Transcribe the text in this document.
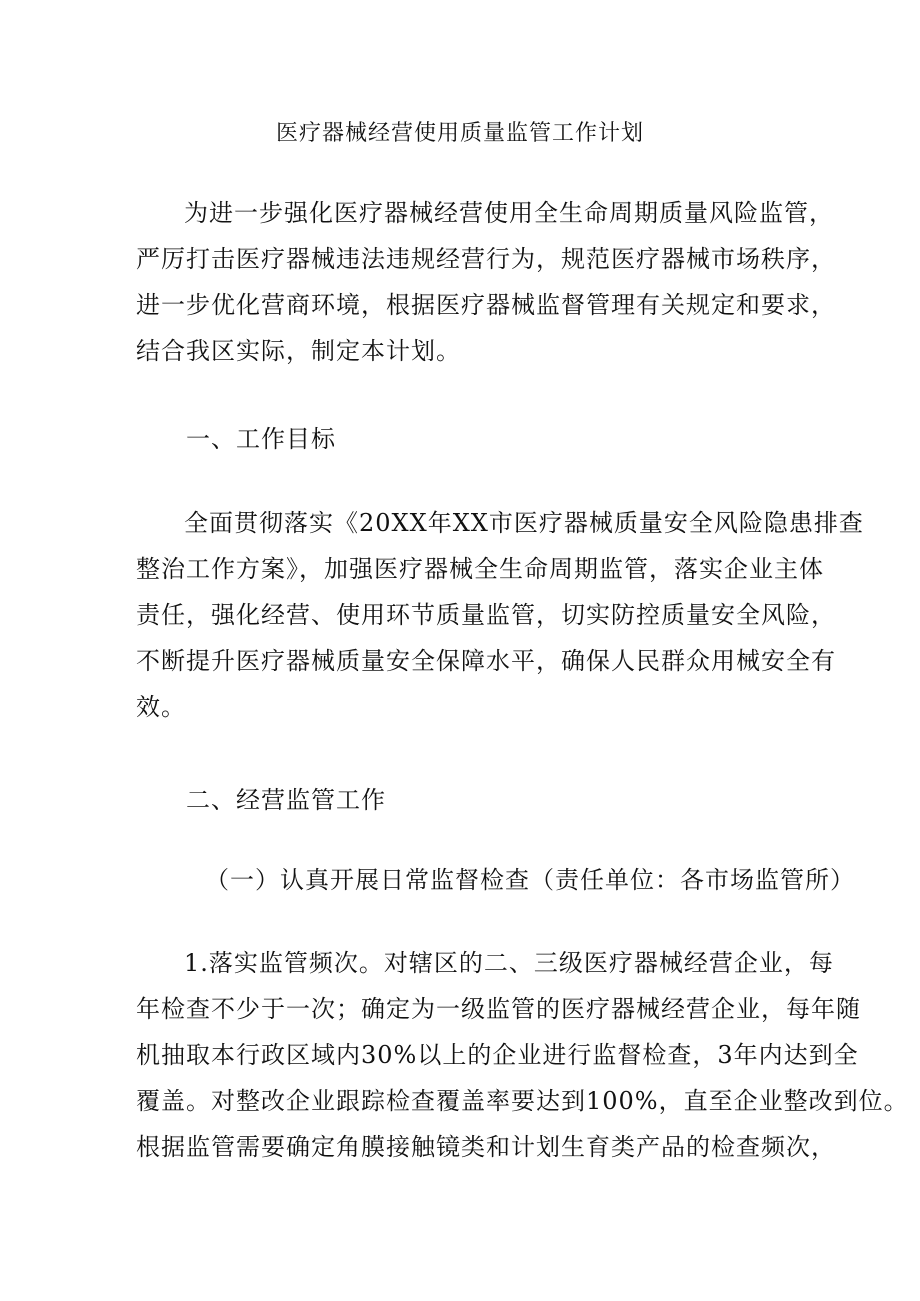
医疗器械经营使用质量监管工作计划
为进一步强化医疗器械经营使用全生命周期质量风险监管，
严厉打击医疗器械违法违规经营行为，规范医疗器械市场秩序，
进一步优化营商环境，根据医疗器械监督管理有关规定和要求，
结合我区实际，制定本计划。
一、工作目标
全面贯彻落实《20XX年XX市医疗器械质量安全风险隐患排查
整治工作方案》，加强医疗器械全生命周期监管，落实企业主体
责任，强化经营、使用环节质量监管，切实防控质量安全风险，
不断提升医疗器械质量安全保障水平，确保人民群众用械安全有
效。
二、经营监管工作
（一）认真开展日常监督检查（责任单位：各市场监管所）
1.落实监管频次。对辖区的二、三级医疗器械经营企业，每
年检查不少于一次；确定为一级监管的医疗器械经营企业，每年随
机抽取本行政区域内30%以上的企业进行监督检查，3年内达到全
覆盖。对整改企业跟踪检查覆盖率要达到100%，直至企业整改到位。
根据监管需要确定角膜接触镜类和计划生育类产品的检查频次，
